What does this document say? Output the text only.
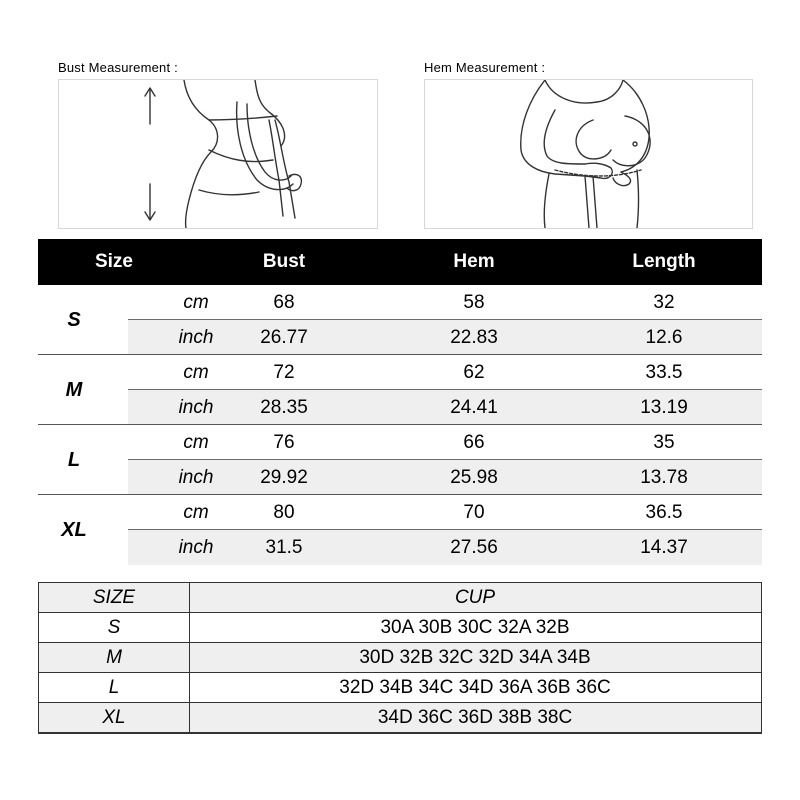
Bust Measurement :	Hem Measurement :
Size	Bust	Hem	Length
S
cm	68	58	32
inch 26.77	22.83	12.6
M
cm	72	62	33.5
inch 28.35	24.41	13.19
L
cm	76	66	35
inch 29.92	25.98	13.78
XL
cm	80	70	36.5
inch	31.5	27.56	14.37
SIZE	CUP
S	30A 30B 30C 32A 32B
M	30D 32B 32C 32D 34A 34B
L	32D 34B 34C 34D 36A 36B 36C
XL	34D 36C 36D 38B 38C
